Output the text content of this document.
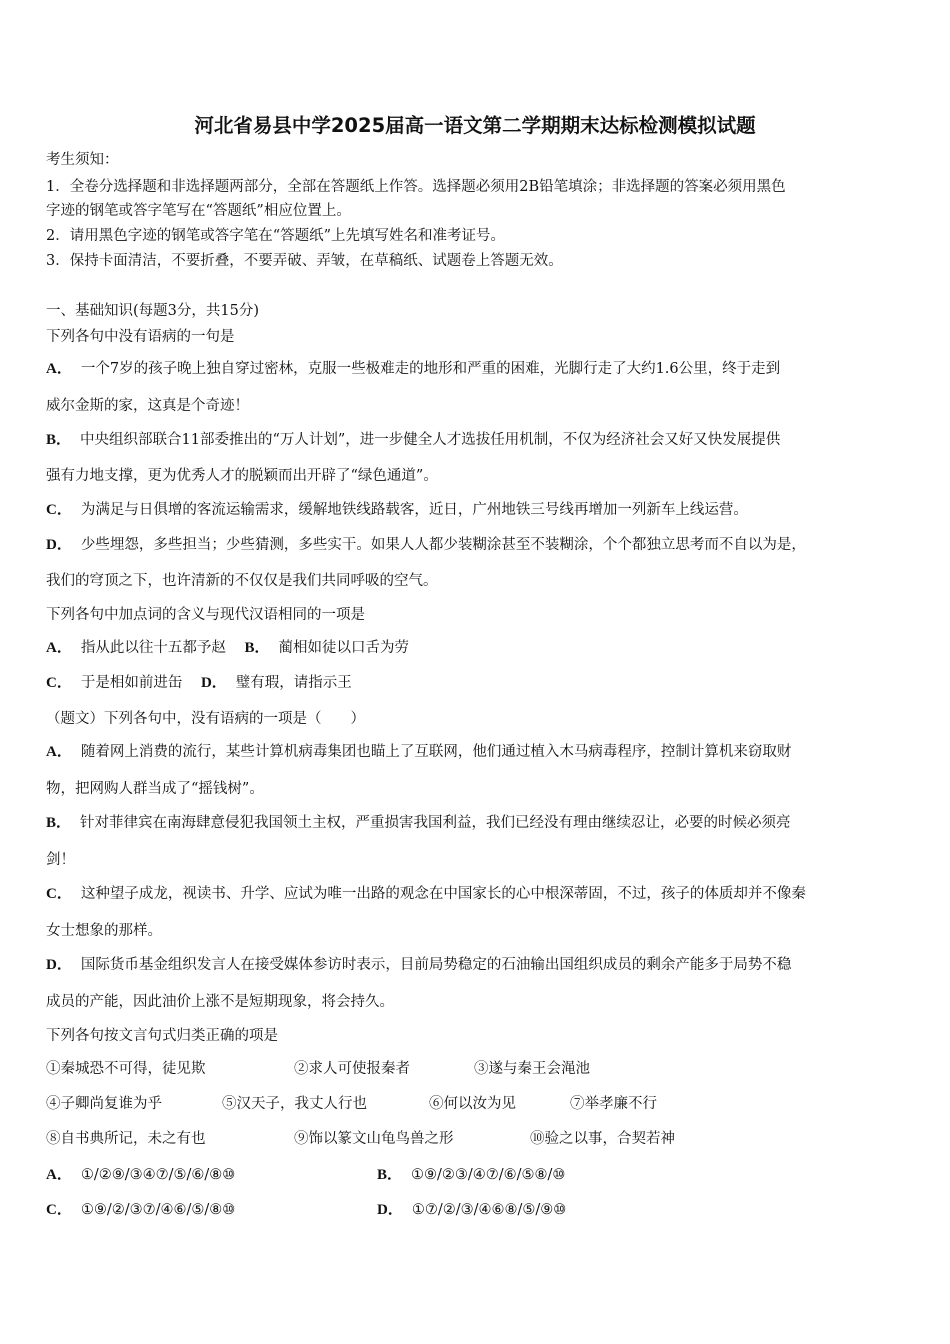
河北省易县中学2025届高一语文第二学期期末达标检测模拟试题
考生须知：
1．全卷分选择题和非选择题两部分，全部在答题纸上作答。选择题必须用2B铅笔填涂；非选择题的答案必须用黑色
字迹的钢笔或答字笔写在“答题纸”相应位置上。
2．请用黑色字迹的钢笔或答字笔在“答题纸”上先填写姓名和准考证号。
3．保持卡面清洁，不要折叠，不要弄破、弄皱，在草稿纸、试题卷上答题无效。
一、基础知识(每题3分，共15分)
下列各句中没有语病的一句是
A． 一个7岁的孩子晚上独自穿过密林，克服一些极难走的地形和严重的困难，光脚行走了大约1.6公里，终于走到
威尔金斯的家，这真是个奇迹！
B． 中央组织部联合11部委推出的“万人计划”，进一步健全人才选拔任用机制，不仅为经济社会又好又快发展提供
强有力地支撑，更为优秀人才的脱颖而出开辟了“绿色通道”。
C． 为满足与日俱增的客流运输需求，缓解地铁线路载客，近日，广州地铁三号线再增加一列新车上线运营。
D． 少些埋怨，多些担当；少些猜测，多些实干。如果人人都少装糊涂甚至不装糊涂，个个都独立思考而不自以为是，
我们的穹顶之下，也许清新的不仅仅是我们共同呼吸的空气。
下列各句中加点词的含义与现代汉语相同的一项是
A． 指从此以往十五都予赵 B． 蔺相如徒以口舌为劳
C． 于是相如前进缶 D． 璧有瑕，请指示王
（题文）下列各句中，没有语病的一项是（　　）
A． 随着网上消费的流行，某些计算机病毒集团也瞄上了互联网，他们通过植入木马病毒程序，控制计算机来窃取财
物，把网购人群当成了“摇钱树”。
B． 针对菲律宾在南海肆意侵犯我国领土主权，严重损害我国利益，我们已经没有理由继续忍让，必要的时候必须亮
剑！
C． 这种望子成龙，视读书、升学、应试为唯一出路的观念在中国家长的心中根深蒂固，不过，孩子的体质却并不像秦
女士想象的那样。
D． 国际货币基金组织发言人在接受媒体参访时表示，目前局势稳定的石油输出国组织成员的剩余产能多于局势不稳
成员的产能，因此油价上涨不是短期现象，将会持久。
下列各句按文言句式归类正确的项是
①秦城恐不可得，徒见欺	②求人可使报秦者	③遂与秦王会渑池
④子卿尚复谁为乎	⑤汉天子，我丈人行也	⑥何以汝为见	⑦举孝廉不行
⑧自书典所记，未之有也	⑨饰以篆文山龟鸟兽之形	⑩验之以事，合契若神
A． ①/②⑨/③④⑦/⑤/⑥/⑧⑩	B． ①⑨/②③/④⑦/⑥/⑤⑧/⑩
C． ①⑨/②/③⑦/④⑥/⑤/⑧⑩	D． ①⑦/②/③/④⑥⑧/⑤/⑨⑩
